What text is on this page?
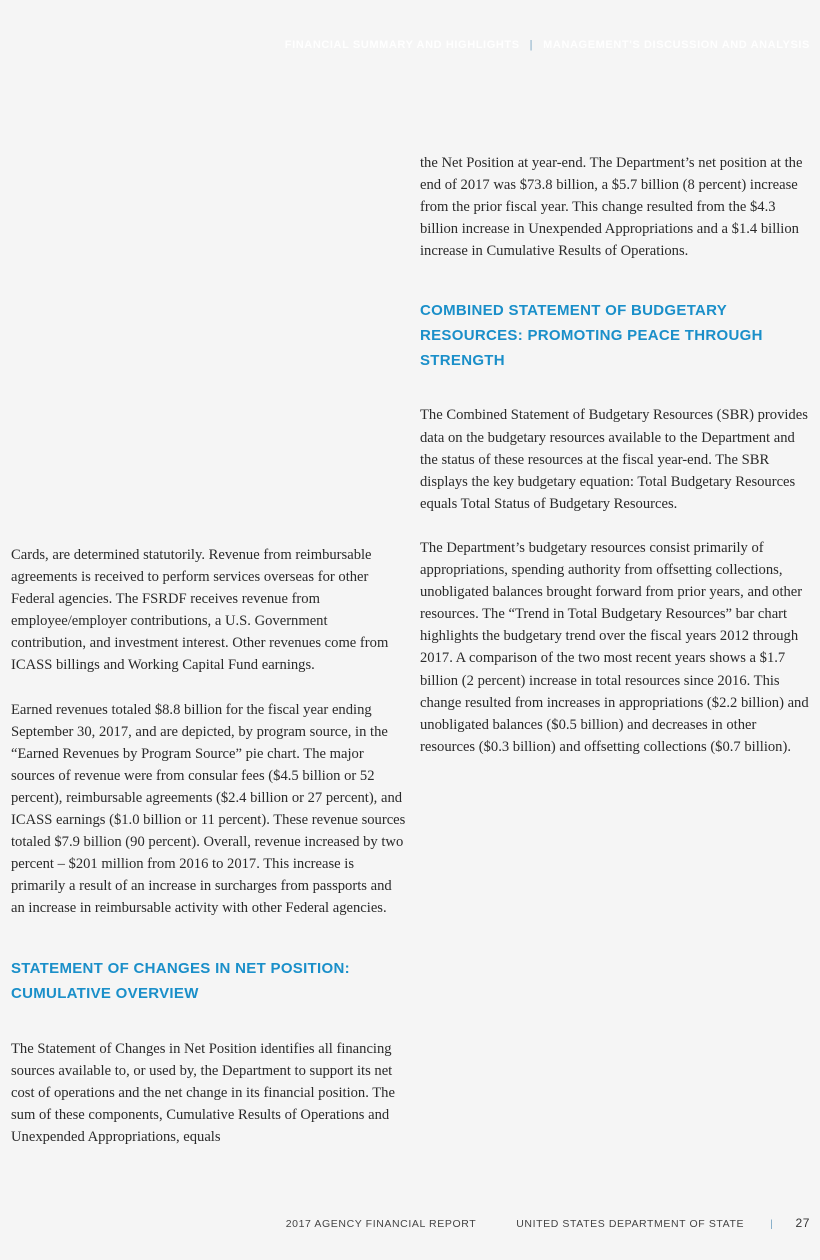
FINANCIAL SUMMARY AND HIGHLIGHTS | MANAGEMENT'S DISCUSSION AND ANALYSIS

Cards, are determined statutorily. Revenue from reimbursable agreements is received to perform services overseas for other Federal agencies. The FSRDF receives revenue from employee/employer contributions, a U.S. Government contribution, and investment interest. Other revenues come from ICASS billings and Working Capital Fund earnings.

Earned revenues totaled $8.8 billion for the fiscal year ending September 30, 2017, and are depicted, by program source, in the “Earned Revenues by Program Source” pie chart. The major sources of revenue were from consular fees ($4.5 billion or 52 percent), reimbursable agreements ($2.4 billion or 27 percent), and ICASS earnings ($1.0 billion or 11 percent). These revenue sources totaled $7.9 billion (90 percent). Overall, revenue increased by two percent – $201 million from 2016 to 2017. This increase is primarily a result of an increase in surcharges from passports and an increase in reimbursable activity with other Federal agencies.

STATEMENT OF CHANGES IN NET POSITION: CUMULATIVE OVERVIEW

The Statement of Changes in Net Position identifies all financing sources available to, or used by, the Department to support its net cost of operations and the net change in its financial position. The sum of these components, Cumulative Results of Operations and Unexpended Appropriations, equals

the Net Position at year-end. The Department’s net position at the end of 2017 was $73.8 billion, a $5.7 billion (8 percent) increase from the prior fiscal year. This change resulted from the $4.3 billion increase in Unexpended Appropriations and a $1.4 billion increase in Cumulative Results of Operations.

COMBINED STATEMENT OF BUDGETARY RESOURCES: PROMOTING PEACE THROUGH STRENGTH

The Combined Statement of Budgetary Resources (SBR) provides data on the budgetary resources available to the Department and the status of these resources at the fiscal year-end. The SBR displays the key budgetary equation: Total Budgetary Resources equals Total Status of Budgetary Resources.

The Department’s budgetary resources consist primarily of appropriations, spending authority from offsetting collections, unobligated balances brought forward from prior years, and other resources. The “Trend in Total Budgetary Resources” bar chart highlights the budgetary trend over the fiscal years 2012 through 2017. A comparison of the two most recent years shows a $1.7 billion (2 percent) increase in total resources since 2016. This change resulted from increases in appropriations ($2.2 billion) and unobligated balances ($0.5 billion) and decreases in other resources ($0.3 billion) and offsetting collections ($0.7 billion).

2017 AGENCY FINANCIAL REPORT	UNITED STATES DEPARTMENT OF STATE | 27
